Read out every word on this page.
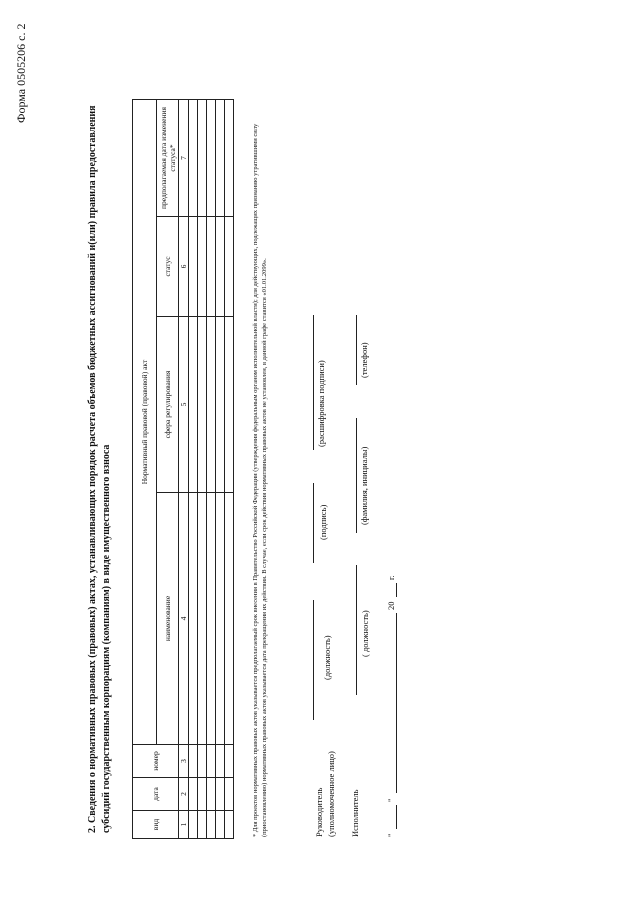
Форма 0505206 с. 2
2. Сведения о нормативных правовых (правовых) актах, устанавливающих порядок расчета объемов бюджетных ассигнований и(или) правила предоставления субсидий государственным корпорациям (компаниям) в виде имущественного взноса	вид	дата	номер	Нормативный правовой (правовой) акт			
			наименование	сфера регулирования	статус	предполагаемая дата изменения статуса*
1	2	3	4	5	6	7

							* Для проектов нормативных правовых актов указывается предполагаемый срок внесения в Правительство Российской Федерации (утверждения федеральным органом исполнительной власти); для действующих, подлежащих признанию утратившими силу (приостановлению) нормативных правовых актов указывается дата прекращения их действия. В случае, если срок действия нормативных правовых актов не установлен, в данной графе ставится «01.01.2099».	Руководитель (уполномоченное лицо)
(должность)
(подпись)
(расшифровка подписи)
Исполнитель
( должность)
(фамилия, инициалы)
(телефон)
"
"
20
г.
